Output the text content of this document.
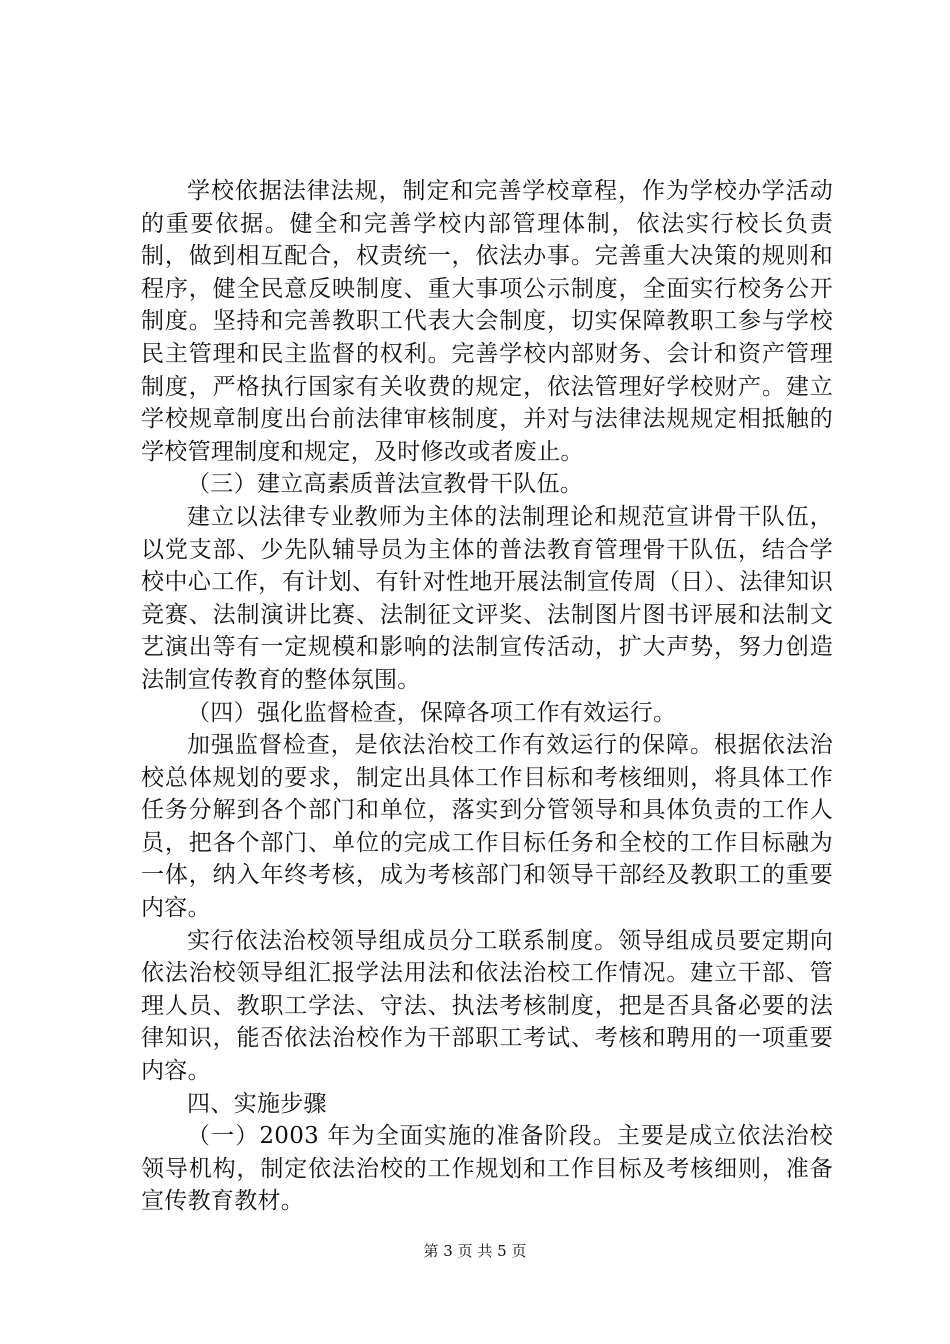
学校依据法律法规，制定和完善学校章程，作为学校办学活动的重要依据。健全和完善学校内部管理体制，依法实行校长负责制，做到相互配合，权责统一，依法办事。完善重大决策的规则和程序，健全民意反映制度、重大事项公示制度，全面实行校务公开制度。坚持和完善教职工代表大会制度，切实保障教职工参与学校民主管理和民主监督的权利。完善学校内部财务、会计和资产管理制度，严格执行国家有关收费的规定，依法管理好学校财产。建立学校规章制度出台前法律审核制度，并对与法律法规规定相抵触的学校管理制度和规定，及时修改或者废止。

（三）建立高素质普法宣教骨干队伍。

建立以法律专业教师为主体的法制理论和规范宣讲骨干队伍，以党支部、少先队辅导员为主体的普法教育管理骨干队伍，结合学校中心工作，有计划、有针对性地开展法制宣传周（日）、法律知识竞赛、法制演讲比赛、法制征文评奖、法制图片图书评展和法制文艺演出等有一定规模和影响的法制宣传活动，扩大声势，努力创造法制宣传教育的整体氛围。

（四）强化监督检查，保障各项工作有效运行。

加强监督检查，是依法治校工作有效运行的保障。根据依法治校总体规划的要求，制定出具体工作目标和考核细则，将具体工作任务分解到各个部门和单位，落实到分管领导和具体负责的工作人员，把各个部门、单位的完成工作目标任务和全校的工作目标融为一体，纳入年终考核，成为考核部门和领导干部经及教职工的重要内容。

实行依法治校领导组成员分工联系制度。领导组成员要定期向依法治校领导组汇报学法用法和依法治校工作情况。建立干部、管理人员、教职工学法、守法、执法考核制度，把是否具备必要的法律知识，能否依法治校作为干部职工考试、考核和聘用的一项重要内容。

四、实施步骤

（一）2003 年为全面实施的准备阶段。主要是成立依法治校领导机构，制定依法治校的工作规划和工作目标及考核细则，准备宣传教育教材。

第 3 页 共 5 页
